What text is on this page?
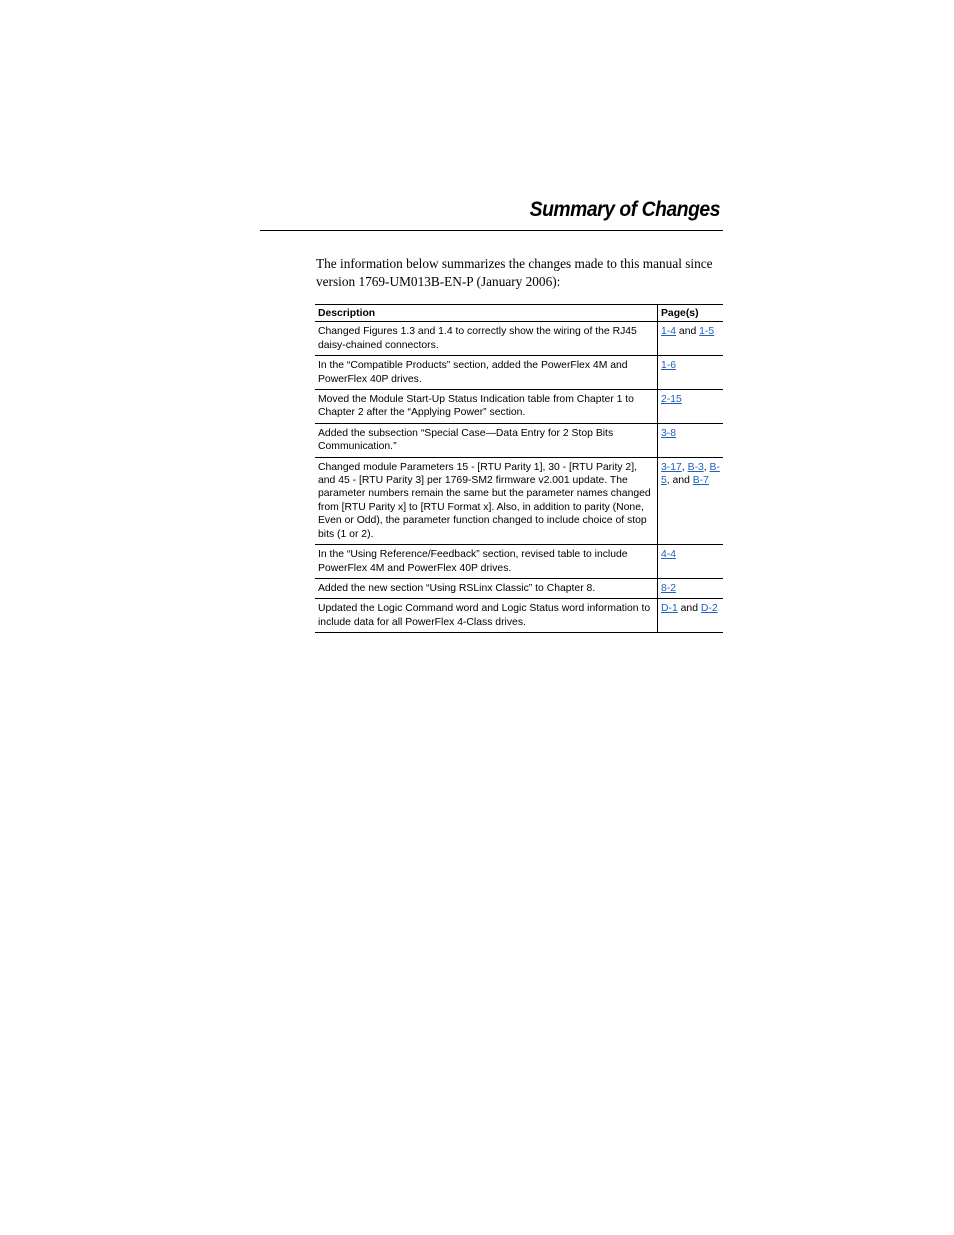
Summary of Changes

The information below summarizes the changes made to this manual since version 1769-UM013B-EN-P (January 2006):

Description	Page(s)
Changed Figures 1.3 and 1.4 to correctly show the wiring of the RJ45 daisy-chained connectors.	1-4 and 1-5
In the “Compatible Products” section, added the PowerFlex 4M and PowerFlex 40P drives.	1-6
Moved the Module Start-Up Status Indication table from Chapter 1 to Chapter 2 after the “Applying Power” section.	2-15
Added the subsection “Special Case—Data Entry for 2 Stop Bits Communication.”	3-8
Changed module Parameters 15 - [RTU Parity 1], 30 - [RTU Parity 2], and 45 - [RTU Parity 3] per 1769-SM2 firmware v2.001 update. The parameter numbers remain the same but the parameter names changed from [RTU Parity x] to [RTU Format x]. Also, in addition to parity (None, Even or Odd), the parameter function changed to include choice of stop bits (1 or 2).	3-17, B-3, B-5, and B-7
In the “Using Reference/Feedback” section, revised table to include PowerFlex 4M and PowerFlex 40P drives.	4-4
Added the new section “Using RSLinx Classic” to Chapter 8.	8-2
Updated the Logic Command word and Logic Status word information to include data for all PowerFlex 4-Class drives.	D-1 and D-2
